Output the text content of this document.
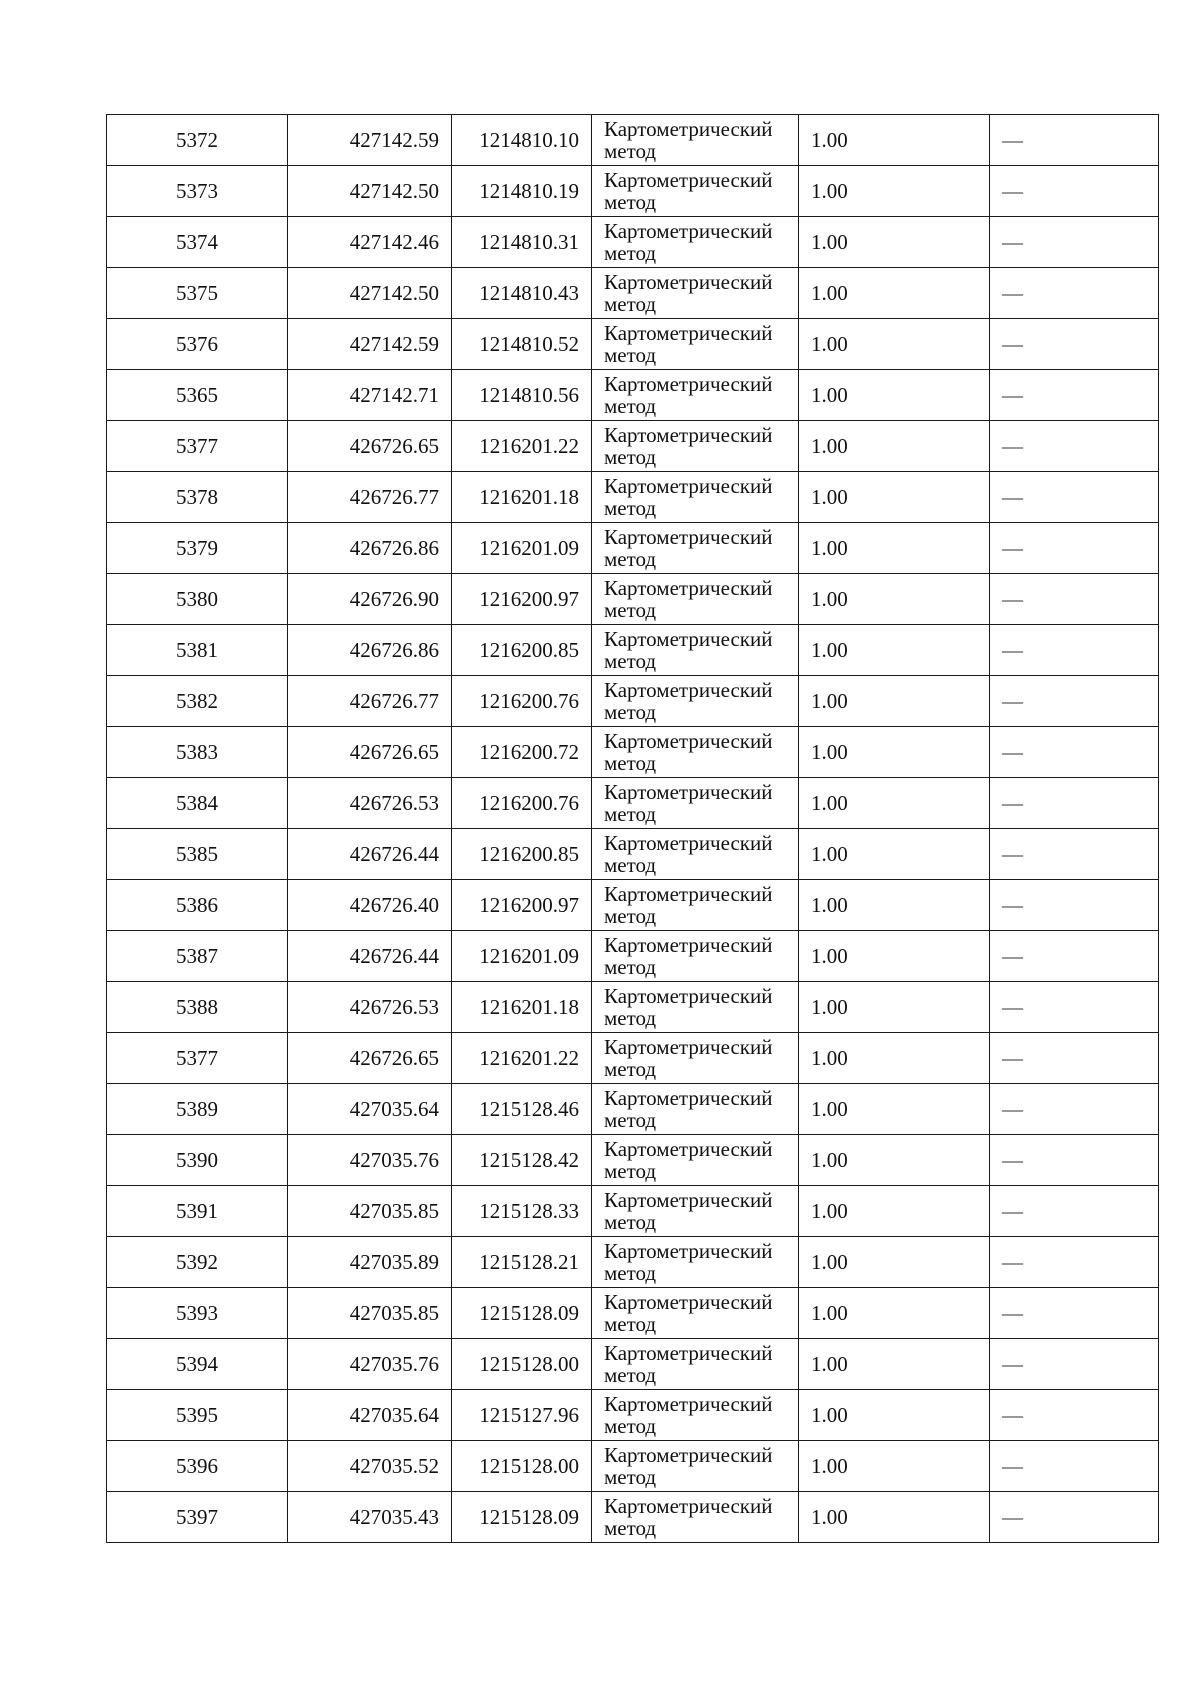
5372	427142.59	1214810.10	Картометрический
метод	1.00	—
5373	427142.50	1214810.19	Картометрический
метод	1.00	—
5374	427142.46	1214810.31	Картометрический
метод	1.00	—
5375	427142.50	1214810.43	Картометрический
метод	1.00	—
5376	427142.59	1214810.52	Картометрический
метод	1.00	—
5365	427142.71	1214810.56	Картометрический
метод	1.00	—
5377	426726.65	1216201.22	Картометрический
метод	1.00	—
5378	426726.77	1216201.18	Картометрический
метод	1.00	—
5379	426726.86	1216201.09	Картометрический
метод	1.00	—
5380	426726.90	1216200.97	Картометрический
метод	1.00	—
5381	426726.86	1216200.85	Картометрический
метод	1.00	—
5382	426726.77	1216200.76	Картометрический
метод	1.00	—
5383	426726.65	1216200.72	Картометрический
метод	1.00	—
5384	426726.53	1216200.76	Картометрический
метод	1.00	—
5385	426726.44	1216200.85	Картометрический
метод	1.00	—
5386	426726.40	1216200.97	Картометрический
метод	1.00	—
5387	426726.44	1216201.09	Картометрический
метод	1.00	—
5388	426726.53	1216201.18	Картометрический
метод	1.00	—
5377	426726.65	1216201.22	Картометрический
метод	1.00	—
5389	427035.64	1215128.46	Картометрический
метод	1.00	—
5390	427035.76	1215128.42	Картометрический
метод	1.00	—
5391	427035.85	1215128.33	Картометрический
метод	1.00	—
5392	427035.89	1215128.21	Картометрический
метод	1.00	—
5393	427035.85	1215128.09	Картометрический
метод	1.00	—
5394	427035.76	1215128.00	Картометрический
метод	1.00	—
5395	427035.64	1215127.96	Картометрический
метод	1.00	—
5396	427035.52	1215128.00	Картометрический
метод	1.00	—
5397	427035.43	1215128.09	Картометрический
метод	1.00	—
